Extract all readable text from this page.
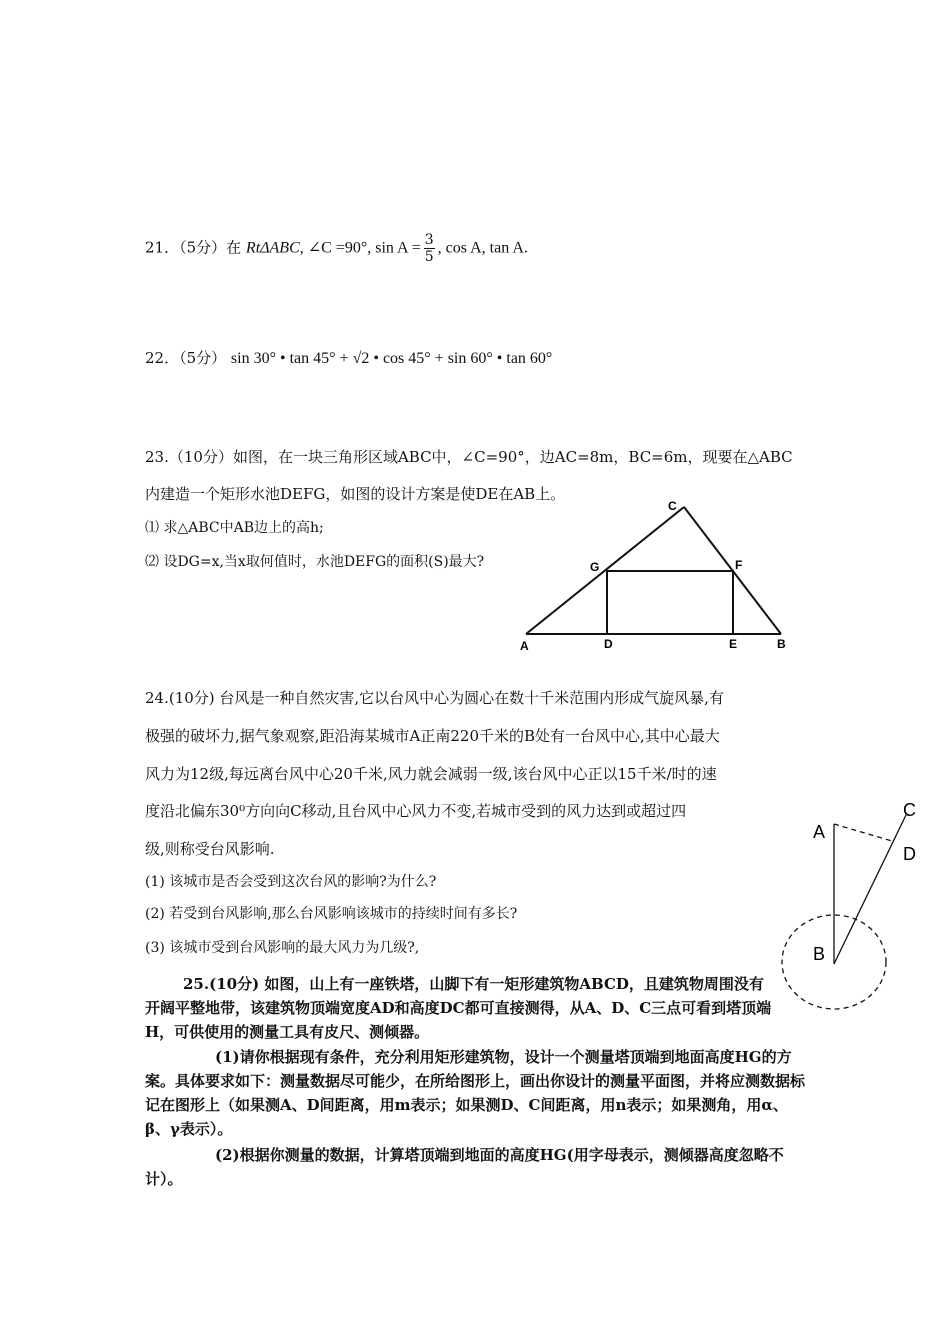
21．（5分）在 RtΔABC, ∠C =90°, $\sin A = \frac{3}{5}$ , cos A, tan A.
22．（5分） sin 30° • tan 45° + √2 • cos 45° + sin 60° • tan 60°
23.（10分）如图，在一块三角形区域ABC中，∠C=90°，边AC=8m，BC=6m，现要在△ABC
内建造一个矩形水池DEFG，如图的设计方案是使DE在AB上。
⑴ 求△ABC中AB边上的高h;
⑵ 设DG=x,当x取何值时，水池DEFG的面积(S)最大?
C
G	F
A	D	E	B
C
A
D
B
24.(10分) 台风是一种自然灾害,它以台风中心为圆心在数十千米范围内形成气旋风暴,有
极强的破坏力,据气象观察,距沿海某城市A正南220千米的B处有一台风中心,其中心最大
风力为12级,每远离台风中心20千米,风力就会减弱一级,该台风中心正以15千米/时的速
度沿北偏东30⁰方向向C移动,且台风中心风力不变,若城市受到的风力达到或超过四
级,则称受台风影响.
(1) 该城市是否会受到这次台风的影响?为什么?
(2) 若受到台风影响,那么台风影响该城市的持续时间有多长?
(3) 该城市受到台风影响的最大风力为几级?,
25.(10分) 如图，山上有一座铁塔，山脚下有一矩形建筑物ABCD，且建筑物周围没有开阔平整地带，该建筑物顶端宽度AD和高度DC都可直接测得，从A、D、C三点可看到塔顶端H，可供使用的测量工具有皮尺、测倾器。
(1)请你根据现有条件，充分利用矩形建筑物，设计一个测量塔顶端到地面高度HG的方案。具体要求如下：测量数据尽可能少，在所给图形上，画出你设计的测量平面图，并将应测数据标记在图形上（如果测A、D间距离，用m表示；如果测D、C间距离，用n表示；如果测角，用α、β、γ表示）。
(2)根据你测量的数据，计算塔顶端到地面的高度HG(用字母表示，测倾器高度忽略不计）。
